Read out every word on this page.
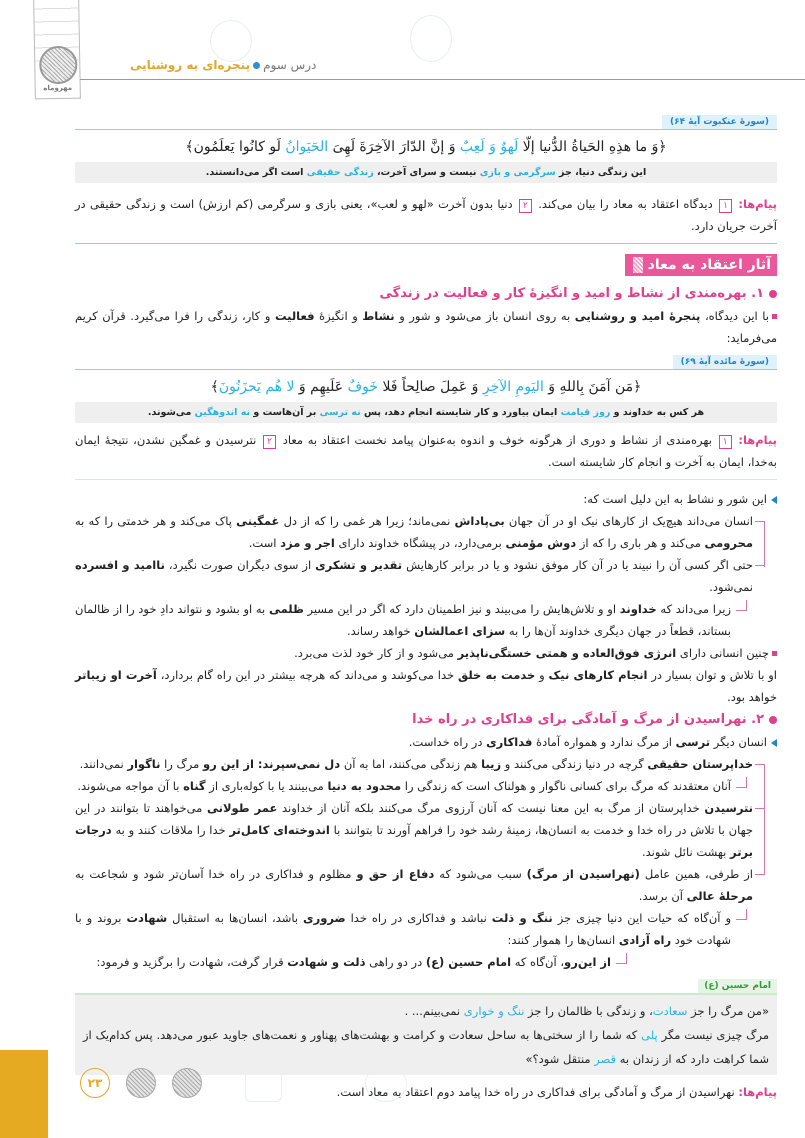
مهروماه
درس سومپنجره‌ای به روشنایی
(سورهٔ عنکبوت آیهٔ ۶۴)
﴿وَ ما هذِهِ الحَیاةُ الدُّنیا إلّا لَهوٌ وَ لَعِبٌ وَ إنَّ الدّارَ الآخِرَةَ لَهِیَ الحَیَوانُ لَو کانُوا یَعلَمُون﴾
این زندگی دنیا، جز سرگرمی و بازی نیست و سرای آخرت، زندگی حقیقی است اگر می‌دانستند.
پیام‌ها: ۱ دیدگاه اعتقاد به معاد را بیان می‌کند. ۲ دنیا بدون آخرت «لهو و لعب»، یعنی بازی و سرگرمی (کم ارزش) است و زندگی حقیقی در آخرت جریان دارد.
آثار اعتقاد به معاد
۱. بهره‌مندی از نشاط و امید و انگیزهٔ کار و فعالیت در زندگی
با این دیدگاه، پنجرهٔ امید و روشنایی به روی انسان باز می‌شود و شور و نشاط و انگیزهٔ فعالیت و کار، زندگی را فرا می‌گیرد. قرآن کریم می‌فرماید:
(سورهٔ مائده آیهٔ ۶۹)
﴿مَن آمَنَ بِاللهِ وَ الیَومِ الآخِرِ وَ عَمِلَ صالِحاً فَلا خَوفٌ عَلَیهِم وَ لا هُم یَحزَنُونَ﴾
هر کس به خداوند و روز قیامت ایمان بیاورد و کار شایسته انجام دهد، پس نه ترسی بر آن‌هاست و نه اندوهگین می‌شوند.
پیام‌ها: ۱ بهره‌مندی از نشاط و دوری از هرگونه خوف و اندوه به‌عنوان پیامد نخست اعتقاد به معاد ۲ نترسیدن و غمگین نشدن، نتیجهٔ ایمان به‌خدا، ایمان به آخرت و انجام کار شایسته است.
این شور و نشاط به این دلیل است که:
انسان می‌داند هیچ‌یک از کارهای نیک او در آن جهان بی‌پاداش نمی‌ماند؛ زیرا هر غمی را که از دل غمگینی پاک می‌کند و هر خدمتی را که به محرومی می‌کند و هر باری را که از دوش مؤمنی برمی‌دارد، در پیشگاه خداوند دارای اجر و مزد است.
حتی اگر کسی آن را نبیند یا در آن کار موفق نشود و یا در برابر کارهایش تقدیر و تشکری از سوی دیگران صورت نگیرد، ناامید و افسرده نمی‌شود.
زیرا می‌داند که خداوند او و تلاش‌هایش را می‌بیند و نیز اطمینان دارد که اگر در این مسیر ظلمی به او بشود و نتواند دادِ خود را از ظالمان بستاند، قطعاً در جهان دیگری خداوند آن‌ها را به سزای اعمالشان خواهد رساند.
چنین انسانی دارای انرژی فوق‌العاده و همتی خستگی‌ناپذیر می‌شود و از کار خود لذت می‌برد.
او با تلاش و توان بسیار در انجام کارهای نیک و خدمت به خلق خدا می‌کوشد و می‌داند که هرچه بیشتر در این راه گام بردارد، آخرت او زیباتر خواهد بود.
۲. نهراسیدن از مرگ و آمادگی برای فداکاری در راه خدا
انسان دیگر ترسی از مرگ ندارد و همواره آمادهٔ فداکاری در راه خداست.
خداپرستان حقیقی گرچه در دنیا زندگی می‌کنند و زیبا هم زندگی می‌کنند، اما به آن دل نمی‌سپرند: از این رو مرگ را ناگوار نمی‌دانند.
آنان معتقدند که مرگ برای کسانی ناگوار و هولناک است که زندگی را محدود به دنیا می‌بینند یا با کوله‌باری از گناه با آن مواجه می‌شوند.
نترسیدن خداپرستان از مرگ به این معنا نیست که آنان آرزوی مرگ می‌کنند بلکه آنان از خداوند عمر طولانی می‌خواهند تا بتوانند در این جهان با تلاش در راه خدا و خدمت به انسان‌ها، زمینهٔ رشد خود را فراهم آورند تا بتوانند با اندوخته‌ای کامل‌تر خدا را ملاقات کنند و به درجات برتر بهشت نائل شوند.
از طرفی، همین عامل (نهراسیدن از مرگ) سبب می‌شود که دفاع از حق و مظلوم و فداکاری در راه خدا آسان‌تر شود و شجاعت به مرحلهٔ عالی آن برسد.
و آن‌گاه که حیات این دنیا چیزی جز ننگ و ذلت نباشد و فداکاری در راه خدا ضروری باشد، انسان‌ها به استقبال شهادت بروند و با شهادت خود راه آزادی انسان‌ها را هموار کنند:
از این‌رو، آن‌گاه که امام حسین (ع) در دو راهی ذلت و شهادت قرار گرفت، شهادت را برگزید و فرمود:
امام حسین (ع)
«من مرگ را جز سعادت، و زندگی با ظالمان را جز ننگ و خواری نمی‌بینم... .
مرگ چیزی نیست مگر پلی که شما را از سختی‌ها به ساحل سعادت و کرامت و بهشت‌های پهناور و نعمت‌های جاوید عبور می‌دهد. پس کدام‌یک از شما کراهت دارد که از زندان به قصر منتقل شود؟»
پیام‌ها: نهراسیدن از مرگ و آمادگی برای فداکاری در راه خدا پیامد دوم اعتقاد به معاد است.
۲۳
